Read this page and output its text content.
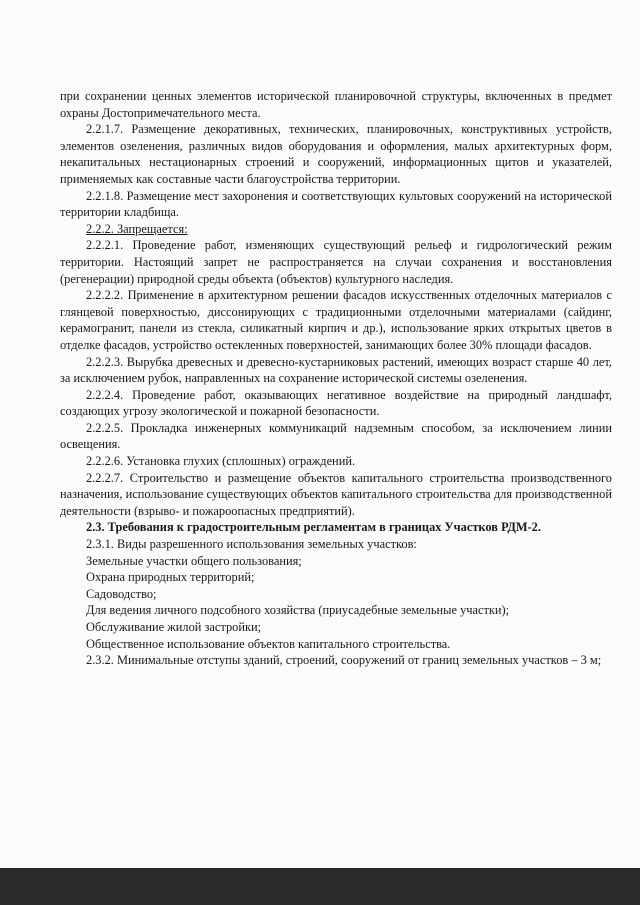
при сохранении ценных элементов исторической планировочной структуры, включенных в предмет охраны Достопримечательного места.

2.2.1.7. Размещение декоративных, технических, планировочных, конструктивных устройств, элементов озеленения, различных видов оборудования и оформления, малых архитектурных форм, некапитальных нестационарных строений и сооружений, информационных щитов и указателей, применяемых как составные части благоустройства территории.

2.2.1.8. Размещение мест захоронения и соответствующих культовых сооружений на исторической территории кладбища.

2.2.2. Запрещается:

2.2.2.1. Проведение работ, изменяющих существующий рельеф и гидрологический режим территории. Настоящий запрет не распространяется на случаи сохранения и восстановления (регенерации) природной среды объекта (объектов) культурного наследия.

2.2.2.2. Применение в архитектурном решении фасадов искусственных отделочных материалов с глянцевой поверхностью, диссонирующих с традиционными отделочными материалами (сайдинг, керамогранит, панели из стекла, силикатный кирпич и др.), использование ярких открытых цветов в отделке фасадов, устройство остекленных поверхностей, занимающих более 30% площади фасадов.

2.2.2.3. Вырубка древесных и древесно-кустарниковых растений, имеющих возраст старше 40 лет, за исключением рубок, направленных на сохранение исторической системы озеленения.

2.2.2.4. Проведение работ, оказывающих негативное воздействие на природный ландшафт, создающих угрозу экологической и пожарной безопасности.

2.2.2.5. Прокладка инженерных коммуникаций надземным способом, за исключением линии освещения.

2.2.2.6. Установка глухих (сплошных) ограждений.

2.2.2.7. Строительство и размещение объектов капитального строительства производственного назначения, использование существующих объектов капитального строительства для производственной деятельности (взрыво- и пожароопасных предприятий).

2.3. Требования к градостроительным регламентам в границах Участков РДМ-2.

2.3.1. Виды разрешенного использования земельных участков:

Земельные участки общего пользования;

Охрана природных территорий;

Садоводство;

Для ведения личного подсобного хозяйства (приусадебные земельные участки);

Обслуживание жилой застройки;

Общественное использование объектов капитального строительства.

2.3.2. Минимальные отступы зданий, строений, сооружений от границ земельных участков – 3 м;
